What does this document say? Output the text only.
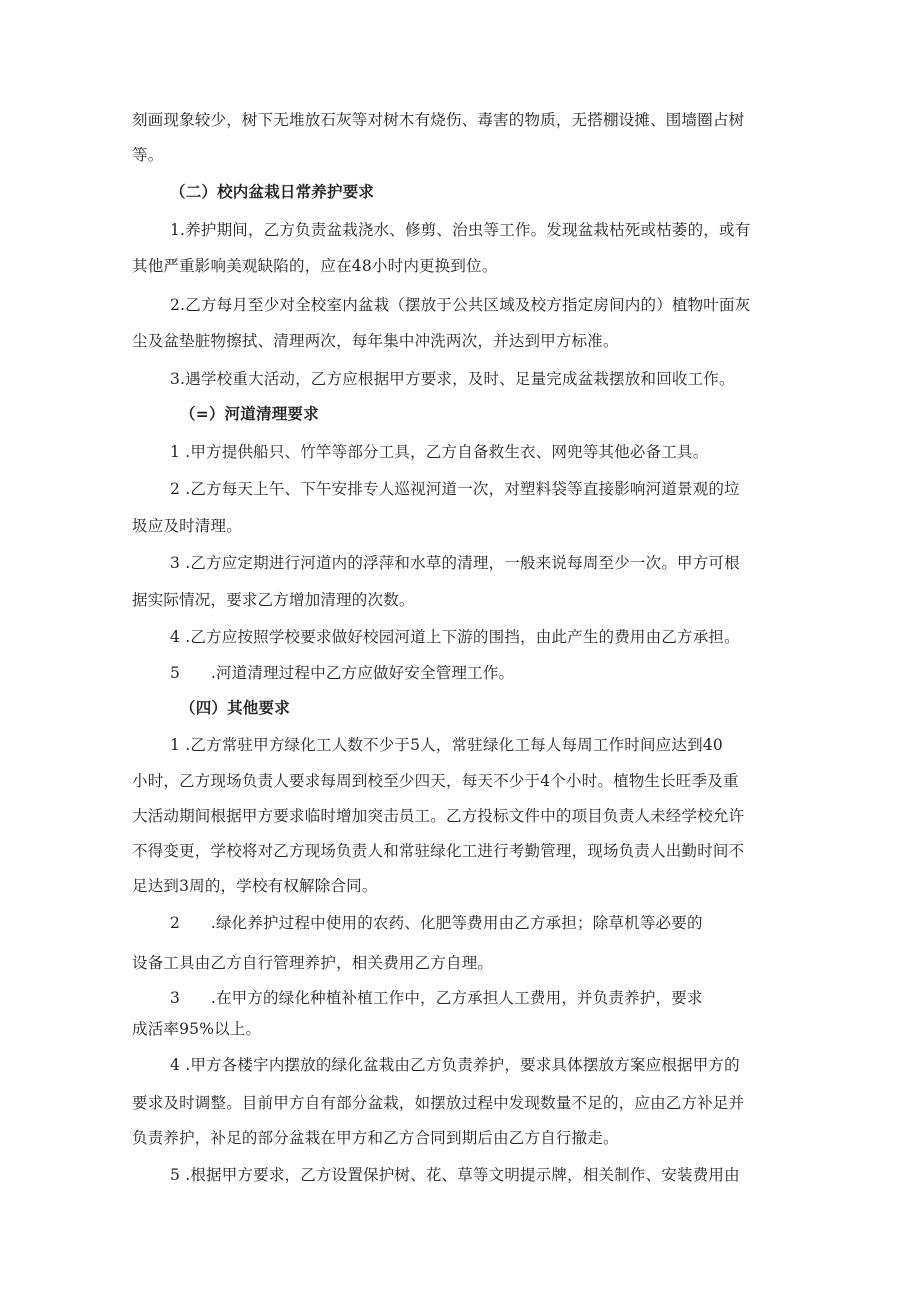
刻画现象较少，树下无堆放石灰等对树木有烧伤、毒害的物质，无搭棚设摊、围墙圈占树
等。
（二）校内盆栽日常养护要求
1.养护期间，乙方负责盆栽浇水、修剪、治虫等工作。发现盆栽枯死或枯萎的，或有
其他严重影响美观缺陷的，应在48小时内更换到位。
2.乙方每月至少对全校室内盆栽（摆放于公共区域及校方指定房间内的）植物叶面灰
尘及盆垫脏物擦拭、清理两次，每年集中冲洗两次，并达到甲方标准。
3.遇学校重大活动，乙方应根据甲方要求，及时、足量完成盆栽摆放和回收工作。
（=）河道清理要求
1 .甲方提供船只、竹竿等部分工具，乙方自备救生衣、网兜等其他必备工具。
2 .乙方每天上午、下午安排专人巡视河道一次，对塑料袋等直接影响河道景观的垃
圾应及时清理。
3 .乙方应定期进行河道内的浮萍和水草的清理，一般来说每周至少一次。甲方可根
据实际情况，要求乙方增加清理的次数。
4 .乙方应按照学校要求做好校园河道上下游的围挡，由此产生的费用由乙方承担。
5      .河道清理过程中乙方应做好安全管理工作。
（四）其他要求
1 .乙方常驻甲方绿化工人数不少于5人，常驻绿化工每人每周工作时间应达到40
小时，乙方现场负责人要求每周到校至少四天，每天不少于4个小时。植物生长旺季及重
大活动期间根据甲方要求临时增加突击员工。乙方投标文件中的项目负责人未经学校允许
不得变更，学校将对乙方现场负责人和常驻绿化工进行考勤管理，现场负责人出勤时间不
足达到3周的，学校有权解除合同。
2      .绿化养护过程中使用的农药、化肥等费用由乙方承担；除草机等必要的
设备工具由乙方自行管理养护，相关费用乙方自理。
3      .在甲方的绿化种植补植工作中，乙方承担人工费用，并负责养护，要求
成活率95%以上。
4 .甲方各楼宇内摆放的绿化盆栽由乙方负责养护，要求具体摆放方案应根据甲方的
要求及时调整。目前甲方自有部分盆栽，如摆放过程中发现数量不足的，应由乙方补足并
负责养护，补足的部分盆栽在甲方和乙方合同到期后由乙方自行撤走。
5 .根据甲方要求，乙方设置保护树、花、草等文明提示牌，相关制作、安装费用由
